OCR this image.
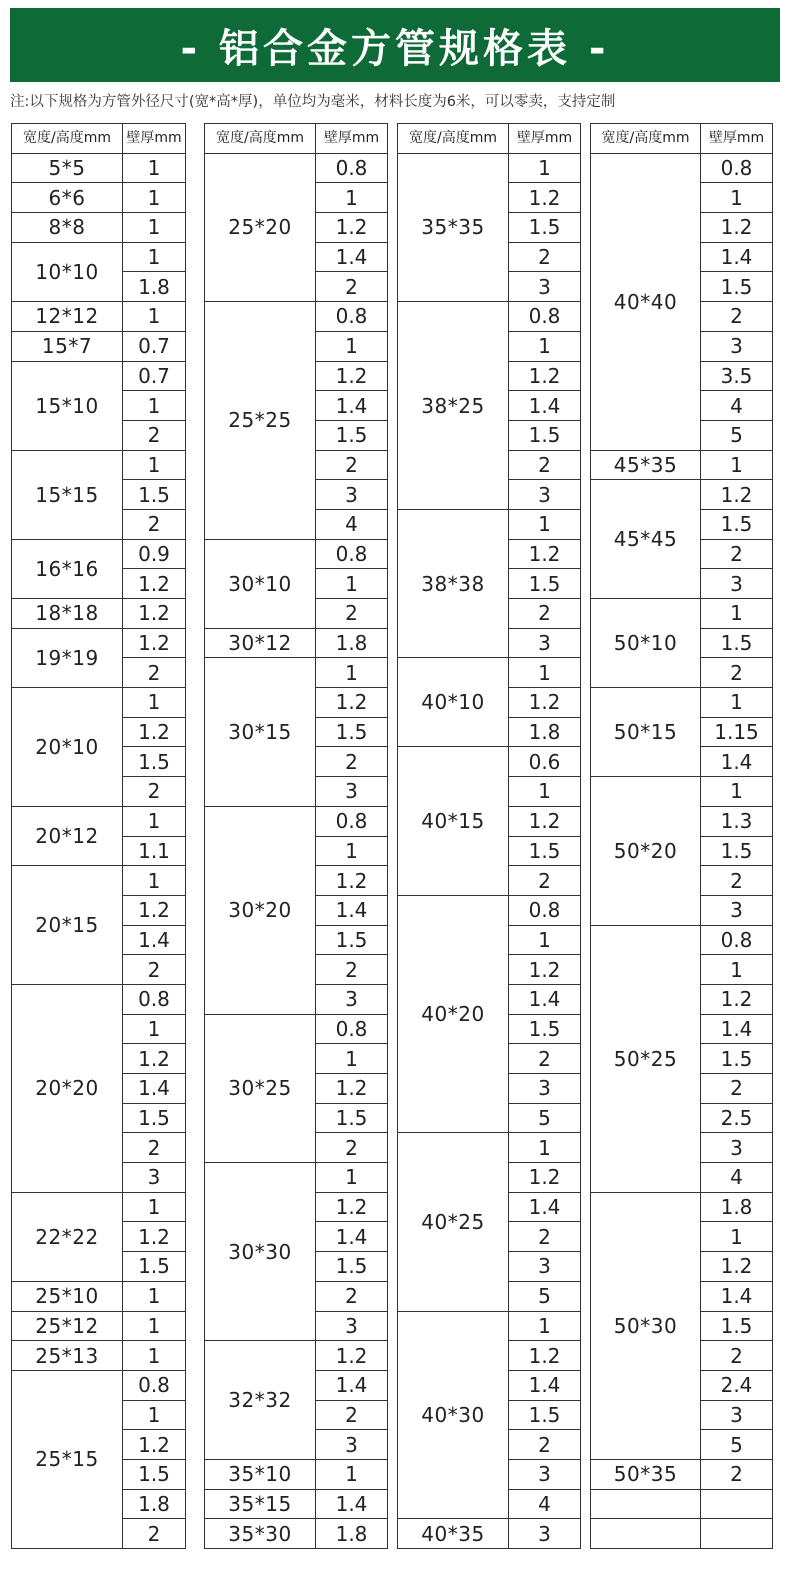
- 铝合金方管规格表 -
注:以下规格为方管外径尺寸(宽*高*厚)，单位均为毫米，材料长度为6米，可以零卖，支持定制
宽度/高度mm	壁厚mm
5*5	1
6*6	1
8*8	1
10*10	1
	1.8
12*12	1
15*7	0.7
15*10	0.7
	1
	2
15*15	1
	1.5
	2
16*16	0.9
	1.2
18*18	1.2
19*19	1.2
	2
20*10	1
	1.2
	1.5
	2
20*12	1
	1.1
20*15	1
	1.2
	1.4
	2
20*20	0.8
	1
	1.2
	1.4
	1.5
	2
	3
22*22	1
	1.2
	1.5
25*10	1
25*12	1
25*13	1
25*15	0.8
	1
	1.2
	1.5
	1.8
	2
宽度/高度mm	壁厚mm
25*20	0.8
	1
	1.2
	1.4
	2
25*25	0.8
	1
	1.2
	1.4
	1.5
	2
	3
	4
30*10	0.8
	1
	2
30*12	1.8
30*15	1
	1.2
	1.5
	2
	3
30*20	0.8
	1
	1.2
	1.4
	1.5
	2
	3
30*25	0.8
	1
	1.2
	1.5
	2
30*30	1
	1.2
	1.4
	1.5
	2
	3
32*32	1.2
	1.4
	2
	3
35*10	1
35*15	1.4
35*30	1.8
宽度/高度mm	壁厚mm
35*35	1
	1.2
	1.5
	2
	3
38*25	0.8
	1
	1.2
	1.4
	1.5
	2
	3
38*38	1
	1.2
	1.5
	2
	3
40*10	1
	1.2
	1.8
40*15	0.6
	1
	1.2
	1.5
	2
40*20	0.8
	1
	1.2
	1.4
	1.5
	2
	3
	5
40*25	1
	1.2
	1.4
	2
	3
	5
40*30	1
	1.2
	1.4
	1.5
	2
	3
	4
40*35	3
宽度/高度mm	壁厚mm
40*40	0.8
	1
	1.2
	1.4
	1.5
	2
	3
	3.5
	4
	5
45*35	1
45*45	1.2
	1.5
	2
	3
50*10	1
	1.5
	2
50*15	1
	1.15
	1.4
50*20	1
	1.3
	1.5
	2
	3
50*25	0.8
	1
	1.2
	1.4
	1.5
	2
	2.5
	3
	4
50*30	1.8
	1
	1.2
	1.4
	1.5
	2
	2.4
	3
	5
50*35	2
